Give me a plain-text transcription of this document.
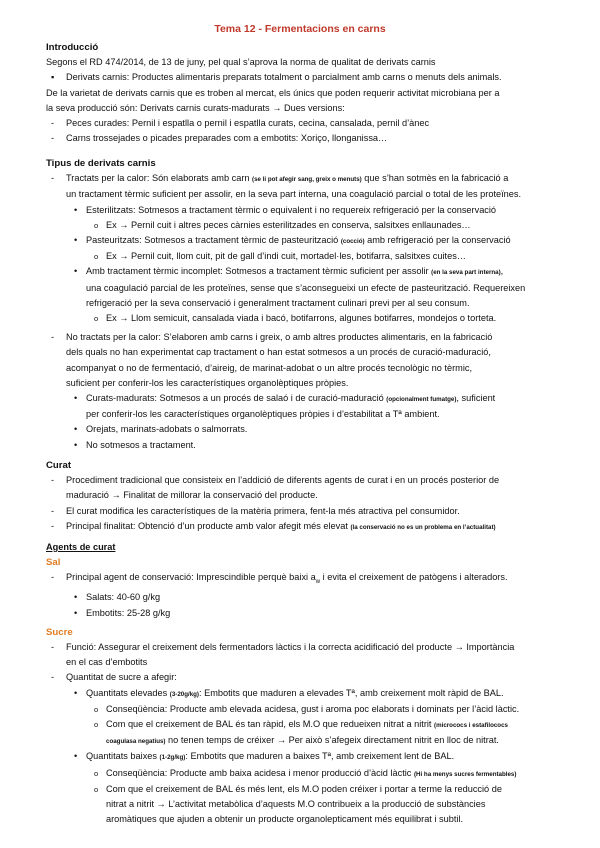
Tema 12 - Fermentacions en carns
Introducció
Segons el RD 474/2014, de 13 de juny, pel qual s’aprova la norma de qualitat de derivats carnis
▪ Derivats carnis: Productes alimentaris preparats totalment o parcialment amb carns o menuts dels animals.
De la varietat de derivats carnis que es troben al mercat, els únics que poden requerir activitat microbiana per a
la seva producció són: Derivats carnis curats-madurats → Dues versions:
- Peces curades: Pernil i espatlla o pernil i espatlla curats, cecina, cansalada, pernil d’ànec
- Carns trossejades o picades preparades com a embotits: Xoriço, llonganissa…
Tipus de derivats carnis
- Tractats per la calor: Són elaborats amb carn (se li pot afegir sang, greix o menuts) que s’han sotmès en la fabricació a
un tractament tèrmic suficient per assolir, en la seva part interna, una coagulació parcial o total de les proteïnes.
• Esterilitzats: Sotmesos a tractament tèrmic o equivalent i no requereix refrigeració per la conservació
o Ex → Pernil cuit i altres peces càrnies esterilitzades en conserva, salsitxes enllaunades…
• Pasteuritzats: Sotmesos a tractament tèrmic de pasteurització (cocció) amb refrigeració per la conservació
o Ex → Pernil cuit, llom cuit, pit de gall d’indi cuit, mortadel·les, botifarra, salsitxes cuites…
• Amb tractament tèrmic incomplet: Sotmesos a tractament tèrmic suficient per assolir (en la seva part interna),
una coagulació parcial de les proteïnes, sense que s’aconsegueixi un efecte de pasteurització. Requereixen
refrigeració per la seva conservació i generalment tractament culinari previ per al seu consum.
o Ex → Llom semicuit, cansalada viada i bacó, botifarrons, algunes botifarres, mondejos o torteta.
- No tractats per la calor: S’elaboren amb carns i greix, o amb altres productes alimentaris, en la fabricació
dels quals no han experimentat cap tractament o han estat sotmesos a un procés de curació-maduració,
acompanyat o no de fermentació, d’aireig, de marinat-adobat o un altre procés tecnològic no tèrmic,
suficient per conferir-los les característiques organolèptiques pròpies.
• Curats-madurats: Sotmesos a un procés de salaó i de curació-maduració (opcionalment fumatge), suficient
per conferir-los les característiques organolèptiques pròpies i d’estabilitat a Tª ambient.
• Orejats, marinats-adobats o salmorrats.
• No sotmesos a tractament.
Curat
- Procediment tradicional que consisteix en l’addició de diferents agents de curat i en un procés posterior de
maduració → Finalitat de millorar la conservació del producte.
- El curat modifica les característiques de la matèria primera, fent-la més atractiva pel consumidor.
- Principal finalitat: Obtenció d’un producte amb valor afegit més elevat (la conservació no es un problema en l’actualitat)
Agents de curat
Sal
- Principal agent de conservació: Imprescindible perquè baixi $a_w$ i evita el creixement de patògens i alteradors.
• Salats: 40-60 g/kg
• Embotits: 25-28 g/kg
Sucre
- Funció: Assegurar el creixement dels fermentadors làctics i la correcta acidificació del producte → Importància
en el cas d’embotits
- Quantitat de sucre a afegir:
• Quantitats elevades (3-20g/kg): Embotits que maduren a elevades Tª, amb creixement molt ràpid de BAL.
o Conseqüència: Producte amb elevada acidesa, gust i aroma poc elaborats i dominats per l’àcid làctic.
o Com que el creixement de BAL és tan ràpid, els M.O que redueixen nitrat a nitrit (micrococs i estafilococs
coagulasa negatius) no tenen temps de créixer → Per això s’afegeix directament nitrit en lloc de nitrat.
• Quantitats baixes (1-2g/kg): Embotits que maduren a baixes Tª, amb creixement lent de BAL.
o Conseqüència: Producte amb baixa acidesa i menor producció d’àcid làctic (Hi ha menys sucres fermentables)
o Com que el creixement de BAL és més lent, els M.O poden créixer i portar a terme la reducció de
nitrat a nitrit → L’activitat metabòlica d’aquests M.O contribueix a la producció de substàncies
aromàtiques que ajuden a obtenir un producte organolepticament més equilibrat i subtil.
